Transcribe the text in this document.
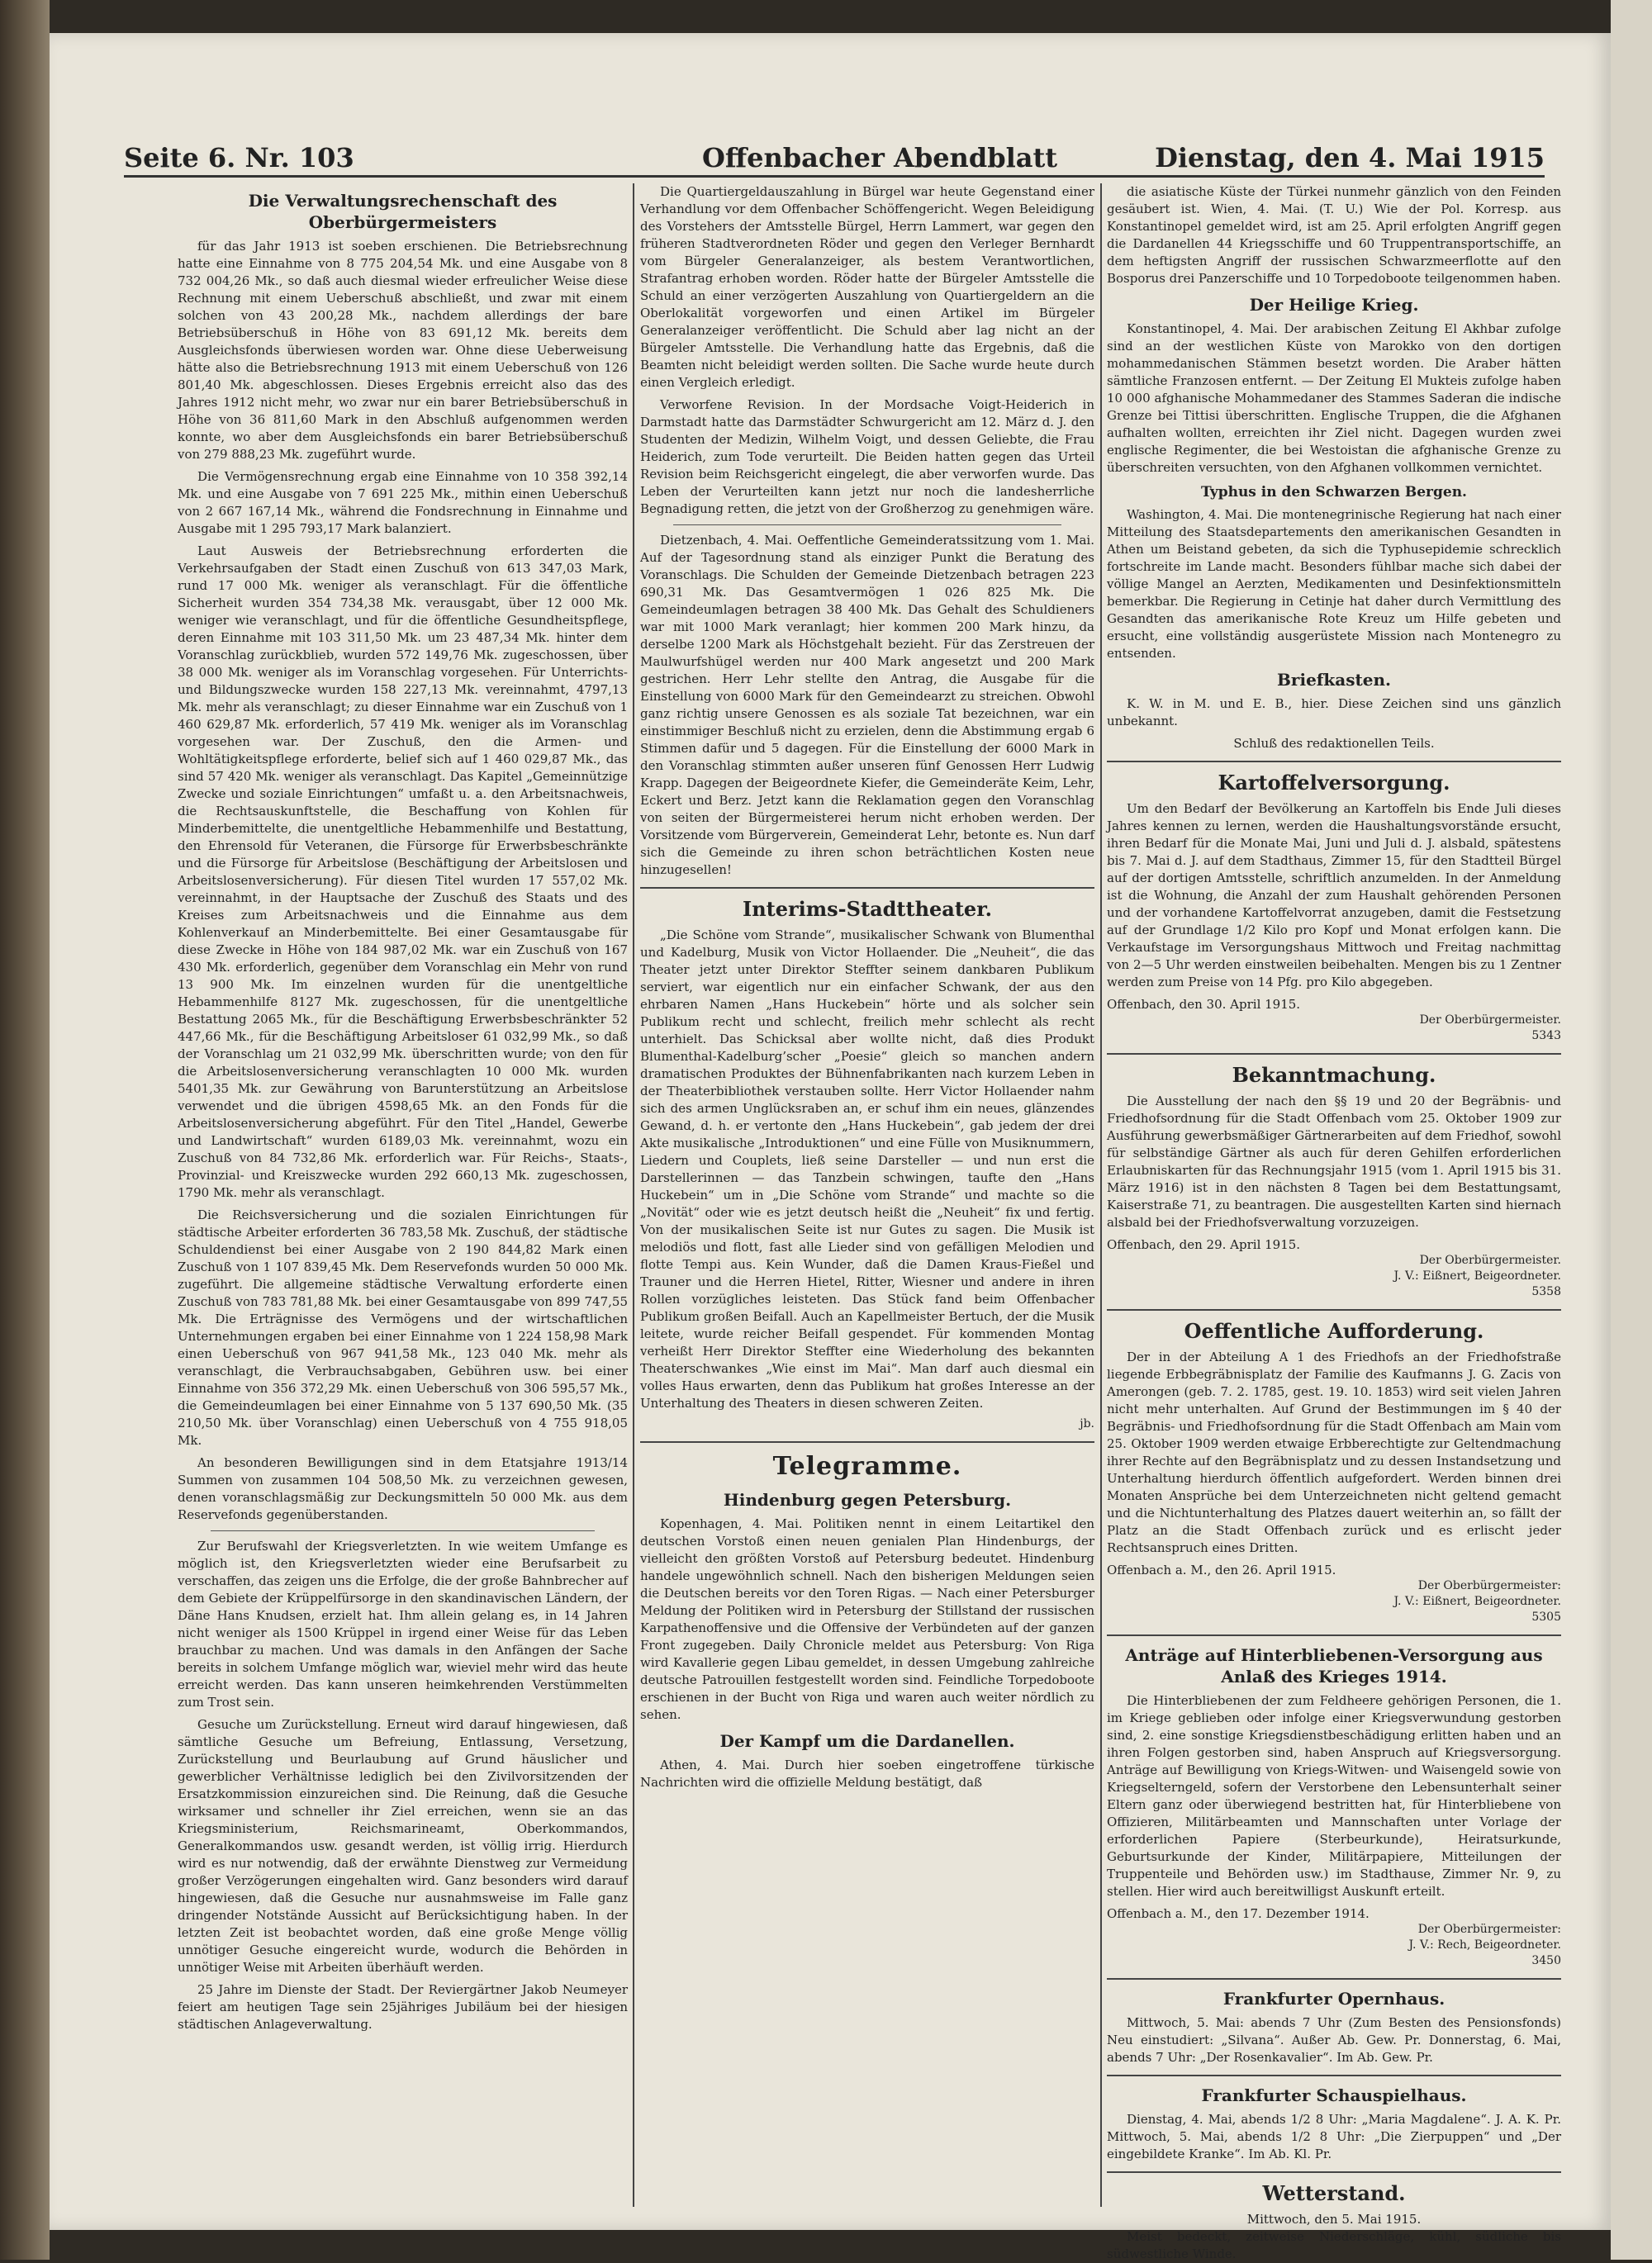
Seite 6. Nr. 103	Offenbacher Abendblatt	Dienstag, den 4. Mai 1915
Die Verwaltungsrechenschaft des Oberbürgermeisters

für das Jahr 1913 ist soeben erschienen. Die Betriebsrechnung hatte eine Einnahme von 8 775 204,54 Mk. und eine Ausgabe von 8 732 004,26 Mk., so daß auch diesmal wieder erfreulicher Weise diese Rechnung mit einem Ueberschuß abschließt, und zwar mit einem solchen von 43 200,28 Mk., nachdem allerdings der bare Betriebsüberschuß in Höhe von 83 691,12 Mk. bereits dem Ausgleichsfonds überwiesen worden war. Ohne diese Ueberweisung hätte also die Betriebsrechnung 1913 mit einem Ueberschuß von 126 801,40 Mk. abgeschlossen. Dieses Ergebnis erreicht also das des Jahres 1912 nicht mehr, wo zwar nur ein barer Betriebsüberschuß in Höhe von 36 811,60 Mark in den Abschluß aufgenommen werden konnte, wo aber dem Ausgleichsfonds ein barer Betriebsüberschuß von 279 888,23 Mk. zugeführt wurde.

Die Vermögensrechnung ergab eine Einnahme von 10 358 392,14 Mk. und eine Ausgabe von 7 691 225 Mk., mithin einen Ueberschuß von 2 667 167,14 Mk., während die Fondsrechnung in Einnahme und Ausgabe mit 1 295 793,17 Mark balanziert.

Laut Ausweis der Betriebsrechnung erforderten die Verkehrsaufgaben der Stadt einen Zuschuß von 613 347,03 Mark, rund 17 000 Mk. weniger als veranschlagt. Für die öffentliche Sicherheit wurden 354 734,38 Mk. verausgabt, über 12 000 Mk. weniger wie veranschlagt, und für die öffentliche Gesundheitspflege, deren Einnahme mit 103 311,50 Mk. um 23 487,34 Mk. hinter dem Voranschlag zurückblieb, wurden 572 149,76 Mk. zugeschossen, über 38 000 Mk. weniger als im Voranschlag vorgesehen. Für Unterrichts- und Bildungszwecke wurden 158 227,13 Mk. vereinnahmt, 4797,13 Mk. mehr als veranschlagt; zu dieser Einnahme war ein Zuschuß von 1 460 629,87 Mk. erforderlich, 57 419 Mk. weniger als im Voranschlag vorgesehen war. Der Zuschuß, den die Armen- und Wohltätigkeitspflege erforderte, belief sich auf 1 460 029,87 Mk., das sind 57 420 Mk. weniger als veranschlagt. Das Kapitel „Gemeinnützige Zwecke und soziale Einrichtungen“ umfaßt u. a. den Arbeitsnachweis, die Rechtsauskunftstelle, die Beschaffung von Kohlen für Minderbemittelte, die unentgeltliche Hebammenhilfe und Bestattung, den Ehrensold für Veteranen, die Fürsorge für Erwerbsbeschränkte und die Fürsorge für Arbeitslose (Beschäftigung der Arbeitslosen und Arbeitslosenversicherung). Für diesen Titel wurden 17 557,02 Mk. vereinnahmt, in der Hauptsache der Zuschuß des Staats und des Kreises zum Arbeitsnachweis und die Einnahme aus dem Kohlenverkauf an Minderbemittelte. Bei einer Gesamtausgabe für diese Zwecke in Höhe von 184 987,02 Mk. war ein Zuschuß von 167 430 Mk. erforderlich, gegenüber dem Voranschlag ein Mehr von rund 13 900 Mk. Im einzelnen wurden für die unentgeltliche Hebammenhilfe 8127 Mk. zugeschossen, für die unentgeltliche Bestattung 2065 Mk., für die Beschäftigung Erwerbsbeschränkter 52 447,66 Mk., für die Beschäftigung Arbeitsloser 61 032,99 Mk., so daß der Voranschlag um 21 032,99 Mk. überschritten wurde; von den für die Arbeitslosenversicherung veranschlagten 10 000 Mk. wurden 5401,35 Mk. zur Gewährung von Barunterstützung an Arbeitslose verwendet und die übrigen 4598,65 Mk. an den Fonds für die Arbeitslosenversicherung abgeführt. Für den Titel „Handel, Gewerbe und Landwirtschaft“ wurden 6189,03 Mk. vereinnahmt, wozu ein Zuschuß von 84 732,86 Mk. erforderlich war. Für Reichs-, Staats-, Provinzial- und Kreiszwecke wurden 292 660,13 Mk. zugeschossen, 1790 Mk. mehr als veranschlagt.

Die Reichsversicherung und die sozialen Einrichtungen für städtische Arbeiter erforderten 36 783,58 Mk. Zuschuß, der städtische Schuldendienst bei einer Ausgabe von 2 190 844,82 Mark einen Zuschuß von 1 107 839,45 Mk. Dem Reservefonds wurden 50 000 Mk. zugeführt. Die allgemeine städtische Verwaltung erforderte einen Zuschuß von 783 781,88 Mk. bei einer Gesamtausgabe von 899 747,55 Mk. Die Erträgnisse des Vermögens und der wirtschaftlichen Unternehmungen ergaben bei einer Einnahme von 1 224 158,98 Mark einen Ueberschuß von 967 941,58 Mk., 123 040 Mk. mehr als veranschlagt, die Verbrauchsabgaben, Gebühren usw. bei einer Einnahme von 356 372,29 Mk. einen Ueberschuß von 306 595,57 Mk., die Gemeindeumlagen bei einer Einnahme von 5 137 690,50 Mk. (35 210,50 Mk. über Voranschlag) einen Ueberschuß von 4 755 918,05 Mk.

An besonderen Bewilligungen sind in dem Etatsjahre 1913/14 Summen von zusammen 104 508,50 Mk. zu verzeichnen gewesen, denen voranschlagsmäßig zur Deckungsmitteln 50 000 Mk. aus dem Reservefonds gegenüberstanden.

Zur Berufswahl der Kriegsverletzten. In wie weitem Umfange es möglich ist, den Kriegsverletzten wieder eine Berufsarbeit zu verschaffen, das zeigen uns die Erfolge, die der große Bahnbrecher auf dem Gebiete der Krüppelfürsorge in den skandinavischen Ländern, der Däne Hans Knudsen, erzielt hat. Ihm allein gelang es, in 14 Jahren nicht weniger als 1500 Krüppel in irgend einer Weise für das Leben brauchbar zu machen. Und was damals in den Anfängen der Sache bereits in solchem Umfange möglich war, wieviel mehr wird das heute erreicht werden. Das kann unseren heimkehrenden Verstümmelten zum Trost sein.

Gesuche um Zurückstellung. Erneut wird darauf hingewiesen, daß sämtliche Gesuche um Befreiung, Entlassung, Versetzung, Zurückstellung und Beurlaubung auf Grund häuslicher und gewerblicher Verhältnisse lediglich bei den Zivilvorsitzenden der Ersatzkommission einzureichen sind. Die Reinung, daß die Gesuche wirksamer und schneller ihr Ziel erreichen, wenn sie an das Kriegsministerium, Reichsmarineamt, Oberkommandos, Generalkommandos usw. gesandt werden, ist völlig irrig. Hierdurch wird es nur notwendig, daß der erwähnte Dienstweg zur Vermeidung großer Verzögerungen eingehalten wird. Ganz besonders wird darauf hingewiesen, daß die Gesuche nur ausnahmsweise im Falle ganz dringender Notstände Aussicht auf Berücksichtigung haben. In der letzten Zeit ist beobachtet worden, daß eine große Menge völlig unnötiger Gesuche eingereicht wurde, wodurch die Behörden in unnötiger Weise mit Arbeiten überhäuft werden.

25 Jahre im Dienste der Stadt. Der Reviergärtner Jakob Neumeyer feiert am heutigen Tage sein 25jähriges Jubiläum bei der hiesigen städtischen Anlageverwaltung.

Die Quartiergeldauszahlung in Bürgel war heute Gegenstand einer Verhandlung vor dem Offenbacher Schöffengericht. Wegen Beleidigung des Vorstehers der Amtsstelle Bürgel, Herrn Lammert, war gegen den früheren Stadtverordneten Röder und gegen den Verleger Bernhardt vom Bürgeler Generalanzeiger, als bestem Verantwortlichen, Strafantrag erhoben worden. Röder hatte der Bürgeler Amtsstelle die Schuld an einer verzögerten Auszahlung von Quartiergeldern an die Oberlokalität vorgeworfen und einen Artikel im Bürgeler Generalanzeiger veröffentlicht. Die Schuld aber lag nicht an der Bürgeler Amtsstelle. Die Verhandlung hatte das Ergebnis, daß die Beamten nicht beleidigt werden sollten. Die Sache wurde heute durch einen Vergleich erledigt.

Verworfene Revision. In der Mordsache Voigt-Heiderich in Darmstadt hatte das Darmstädter Schwurgericht am 12. März d. J. den Studenten der Medizin, Wilhelm Voigt, und dessen Geliebte, die Frau Heiderich, zum Tode verurteilt. Die Beiden hatten gegen das Urteil Revision beim Reichsgericht eingelegt, die aber verworfen wurde. Das Leben der Verurteilten kann jetzt nur noch die landesherrliche Begnadigung retten, die jetzt von der Großherzog zu genehmigen wäre.

Dietzenbach, 4. Mai. Oeffentliche Gemeinderatssitzung vom 1. Mai. Auf der Tagesordnung stand als einziger Punkt die Beratung des Voranschlags. Die Schulden der Gemeinde Dietzenbach betragen 223 690,31 Mk. Das Gesamtvermögen 1 026 825 Mk. Die Gemeindeumlagen betragen 38 400 Mk. Das Gehalt des Schuldieners war mit 1000 Mark veranlagt; hier kommen 200 Mark hinzu, da derselbe 1200 Mark als Höchstgehalt bezieht. Für das Zerstreuen der Maulwurfshügel werden nur 400 Mark angesetzt und 200 Mark gestrichen. Herr Lehr stellte den Antrag, die Ausgabe für die Einstellung von 6000 Mark für den Gemeindearzt zu streichen. Obwohl ganz richtig unsere Genossen es als soziale Tat bezeichnen, war ein einstimmiger Beschluß nicht zu erzielen, denn die Abstimmung ergab 6 Stimmen dafür und 5 dagegen. Für die Einstellung der 6000 Mark in den Voranschlag stimmten außer unseren fünf Genossen Herr Ludwig Krapp. Dagegen der Beigeordnete Kiefer, die Gemeinderäte Keim, Lehr, Eckert und Berz. Jetzt kann die Reklamation gegen den Voranschlag von seiten der Bürgermeisterei herum nicht erhoben werden. Der Vorsitzende vom Bürgerverein, Gemeinderat Lehr, betonte es. Nun darf sich die Gemeinde zu ihren schon beträchtlichen Kosten neue hinzugesellen!

Interims-Stadttheater.

„Die Schöne vom Strande“, musikalischer Schwank von Blumenthal und Kadelburg, Musik von Victor Hollaender. Die „Neuheit“, die das Theater jetzt unter Direktor Steffter seinem dankbaren Publikum serviert, war eigentlich nur ein einfacher Schwank, der aus den ehrbaren Namen „Hans Huckebein“ hörte und als solcher sein Publikum recht und schlecht, freilich mehr schlecht als recht unterhielt. Das Schicksal aber wollte nicht, daß dies Produkt Blumenthal-Kadelburg’scher „Poesie“ gleich so manchen andern dramatischen Produktes der Bühnenfabrikanten nach kurzem Leben in der Theaterbibliothek verstauben sollte. Herr Victor Hollaender nahm sich des armen Unglücksraben an, er schuf ihm ein neues, glänzendes Gewand, d. h. er vertonte den „Hans Huckebein“, gab jedem der drei Akte musikalische „Introduktionen“ und eine Fülle von Musiknummern, Liedern und Couplets, ließ seine Darsteller — und nun erst die Darstellerinnen — das Tanzbein schwingen, taufte den „Hans Huckebein“ um in „Die Schöne vom Strande“ und machte so die „Novität“ oder wie es jetzt deutsch heißt die „Neuheit“ fix und fertig. Von der musikalischen Seite ist nur Gutes zu sagen. Die Musik ist melodiös und flott, fast alle Lieder sind von gefälligen Melodien und flotte Tempi aus. Kein Wunder, daß die Damen Kraus-Fießel und Trauner und die Herren Hietel, Ritter, Wiesner und andere in ihren Rollen vorzügliches leisteten. Das Stück fand beim Offenbacher Publikum großen Beifall. Auch an Kapellmeister Bertuch, der die Musik leitete, wurde reicher Beifall gespendet. Für kommenden Montag verheißt Herr Direktor Steffter eine Wiederholung des bekannten Theaterschwankes „Wie einst im Mai“. Man darf auch diesmal ein volles Haus erwarten, denn das Publikum hat großes Interesse an der Unterhaltung des Theaters in diesen schweren Zeiten.

jb.
Telegramme.
Hindenburg gegen Petersburg.

Kopenhagen, 4. Mai. Politiken nennt in einem Leitartikel den deutschen Vorstoß einen neuen genialen Plan Hindenburgs, der vielleicht den größten Vorstoß auf Petersburg bedeutet. Hindenburg handele ungewöhnlich schnell. Nach den bisherigen Meldungen seien die Deutschen bereits vor den Toren Rigas. — Nach einer Petersburger Meldung der Politiken wird in Petersburg der Stillstand der russischen Karpathenoffensive und die Offensive der Verbündeten auf der ganzen Front zugegeben. Daily Chronicle meldet aus Petersburg: Von Riga wird Kavallerie gegen Libau gemeldet, in dessen Umgebung zahlreiche deutsche Patrouillen festgestellt worden sind. Feindliche Torpedoboote erschienen in der Bucht von Riga und waren auch weiter nördlich zu sehen.

Der Kampf um die Dardanellen.

Athen, 4. Mai. Durch hier soeben eingetroffene türkische Nachrichten wird die offizielle Meldung bestätigt, daß

die asiatische Küste der Türkei nunmehr gänzlich von den Feinden gesäubert ist. Wien, 4. Mai. (T. U.) Wie der Pol. Korresp. aus Konstantinopel gemeldet wird, ist am 25. April erfolgten Angriff gegen die Dardanellen 44 Kriegsschiffe und 60 Truppentransportschiffe, an dem heftigsten Angriff der russischen Schwarzmeerflotte auf den Bosporus drei Panzerschiffe und 10 Torpedoboote teilgenommen haben.

Der Heilige Krieg.

Konstantinopel, 4. Mai. Der arabischen Zeitung El Akhbar zufolge sind an der westlichen Küste von Marokko von den dortigen mohammedanischen Stämmen besetzt worden. Die Araber hätten sämtliche Franzosen entfernt. — Der Zeitung El Mukteis zufolge haben 10 000 afghanische Mohammedaner des Stammes Saderan die indische Grenze bei Tittisi überschritten. Englische Truppen, die die Afghanen aufhalten wollten, erreichten ihr Ziel nicht. Dagegen wurden zwei englische Regimenter, die bei Westoistan die afghanische Grenze zu überschreiten versuchten, von den Afghanen vollkommen vernichtet.

Typhus in den Schwarzen Bergen.

Washington, 4. Mai. Die montenegrinische Regierung hat nach einer Mitteilung des Staatsdepartements den amerikanischen Gesandten in Athen um Beistand gebeten, da sich die Typhusepidemie schrecklich fortschreite im Lande macht. Besonders fühlbar mache sich dabei der völlige Mangel an Aerzten, Medikamenten und Desinfektionsmitteln bemerkbar. Die Regierung in Cetinje hat daher durch Vermittlung des Gesandten das amerikanische Rote Kreuz um Hilfe gebeten und ersucht, eine vollständig ausgerüstete Mission nach Montenegro zu entsenden.

Briefkasten.

K. W. in M. und E. B., hier. Diese Zeichen sind uns gänzlich unbekannt.

Schluß des redaktionellen Teils.
Kartoffelversorgung.

Um den Bedarf der Bevölkerung an Kartoffeln bis Ende Juli dieses Jahres kennen zu lernen, werden die Haushaltungsvorstände ersucht, ihren Bedarf für die Monate Mai, Juni und Juli d. J. alsbald, spätestens bis 7. Mai d. J. auf dem Stadthaus, Zimmer 15, für den Stadtteil Bürgel auf der dortigen Amtsstelle, schriftlich anzumelden. In der Anmeldung ist die Wohnung, die Anzahl der zum Haushalt gehörenden Personen und der vorhandene Kartoffelvorrat anzugeben, damit die Festsetzung auf der Grundlage 1/2 Kilo pro Kopf und Monat erfolgen kann. Die Verkaufstage im Versorgungshaus Mittwoch und Freitag nachmittag von 2—5 Uhr werden einstweilen beibehalten. Mengen bis zu 1 Zentner werden zum Preise von 14 Pfg. pro Kilo abgegeben.

Offenbach, den 30. April 1915.
Der Oberbürgermeister.
5343
Bekanntmachung.

Die Ausstellung der nach den §§ 19 und 20 der Begräbnis- und Friedhofsordnung für die Stadt Offenbach vom 25. Oktober 1909 zur Ausführung gewerbsmäßiger Gärtnerarbeiten auf dem Friedhof, sowohl für selbständige Gärtner als auch für deren Gehilfen erforderlichen Erlaubniskarten für das Rechnungsjahr 1915 (vom 1. April 1915 bis 31. März 1916) ist in den nächsten 8 Tagen bei dem Bestattungsamt, Kaiserstraße 71, zu beantragen. Die ausgestellten Karten sind hiernach alsbald bei der Friedhofsverwaltung vorzuzeigen.

Offenbach, den 29. April 1915.
Der Oberbürgermeister.
J. V.: Eißnert, Beigeordneter.
5358
Oeffentliche Aufforderung.

Der in der Abteilung A 1 des Friedhofs an der Friedhofstraße liegende Erbbegräbnisplatz der Familie des Kaufmanns J. G. Zacis von Amerongen (geb. 7. 2. 1785, gest. 19. 10. 1853) wird seit vielen Jahren nicht mehr unterhalten. Auf Grund der Bestimmungen im § 40 der Begräbnis- und Friedhofsordnung für die Stadt Offenbach am Main vom 25. Oktober 1909 werden etwaige Erbberechtigte zur Geltendmachung ihrer Rechte auf den Begräbnisplatz und zu dessen Instandsetzung und Unterhaltung hierdurch öffentlich aufgefordert. Werden binnen drei Monaten Ansprüche bei dem Unterzeichneten nicht geltend gemacht und die Nichtunterhaltung des Platzes dauert weiterhin an, so fällt der Platz an die Stadt Offenbach zurück und es erlischt jeder Rechtsanspruch eines Dritten.

Offenbach a. M., den 26. April 1915.
Der Oberbürgermeister:
J. V.: Eißnert, Beigeordneter.
5305
Anträge auf Hinterbliebenen-Versorgung aus Anlaß des Krieges 1914.

Die Hinterbliebenen der zum Feldheere gehörigen Personen, die 1. im Kriege geblieben oder infolge einer Kriegsverwundung gestorben sind, 2. eine sonstige Kriegsdienstbeschädigung erlitten haben und an ihren Folgen gestorben sind, haben Anspruch auf Kriegsversorgung. Anträge auf Bewilligung von Kriegs-Witwen- und Waisengeld sowie von Kriegselterngeld, sofern der Verstorbene den Lebensunterhalt seiner Eltern ganz oder überwiegend bestritten hat, für Hinterbliebene von Offizieren, Militärbeamten und Mannschaften unter Vorlage der erforderlichen Papiere (Sterbeurkunde), Heiratsurkunde, Geburtsurkunde der Kinder, Militärpapiere, Mitteilungen der Truppenteile und Behörden usw.) im Stadthause, Zimmer Nr. 9, zu stellen. Hier wird auch bereitwilligst Auskunft erteilt.

Offenbach a. M., den 17. Dezember 1914.
Der Oberbürgermeister:
J. V.: Rech, Beigeordneter.
3450
Frankfurter Opernhaus.

Mittwoch, 5. Mai: abends 7 Uhr (Zum Besten des Pensionsfonds) Neu einstudiert: „Silvana“. Außer Ab. Gew. Pr. Donnerstag, 6. Mai, abends 7 Uhr: „Der Rosenkavalier“. Im Ab. Gew. Pr.

Frankfurter Schauspielhaus.

Dienstag, 4. Mai, abends 1/2 8 Uhr: „Maria Magdalene“. J. A. K. Pr. Mittwoch, 5. Mai, abends 1/2 8 Uhr: „Die Zierpuppen“ und „Der eingebildete Kranke“. Im Ab. Kl. Pr.

Wetterstand.
Mittwoch, den 5. Mai 1915.

Meist bedeckt, zeitweise Niederschläge, kühl, südliche bis südwestliche Winde.
